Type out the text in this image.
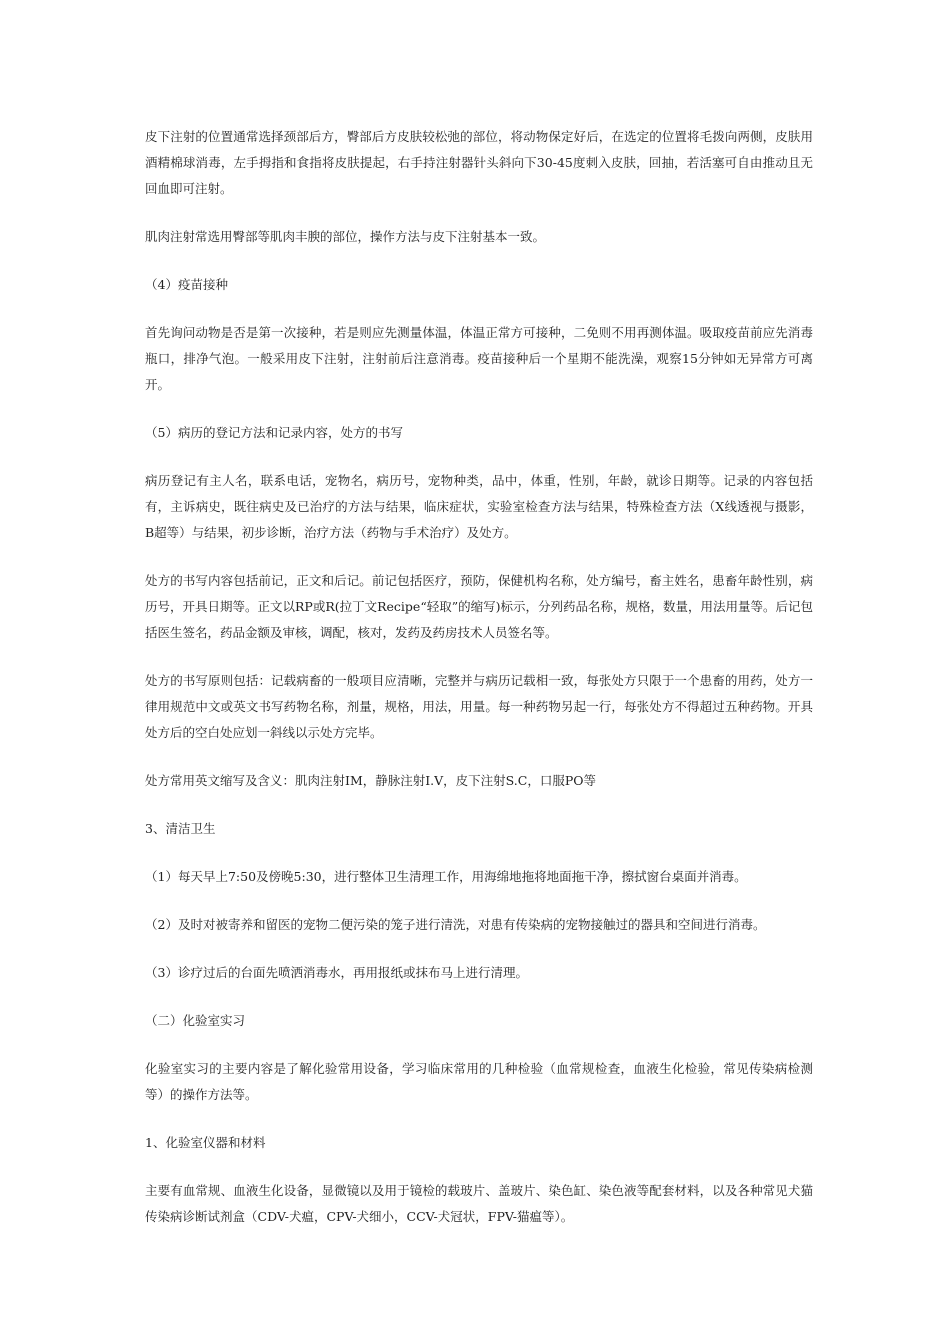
皮下注射的位置通常选择颈部后方，臀部后方皮肤较松弛的部位，将动物保定好后，在选定的位置将毛拨向两侧，皮肤用酒精棉球消毒，左手拇指和食指将皮肤提起，右手持注射器针头斜向下30-45度刺入皮肤，回抽，若活塞可自由推动且无回血即可注射。

肌肉注射常选用臀部等肌肉丰腴的部位，操作方法与皮下注射基本一致。

（4）疫苗接种

首先询问动物是否是第一次接种，若是则应先测量体温，体温正常方可接种，二免则不用再测体温。吸取疫苗前应先消毒瓶口，排净气泡。一般采用皮下注射，注射前后注意消毒。疫苗接种后一个星期不能洗澡，观察15分钟如无异常方可离开。

（5）病历的登记方法和记录内容，处方的书写

病历登记有主人名，联系电话，宠物名，病历号，宠物种类，品中，体重，性别，年龄，就诊日期等。记录的内容包括有，主诉病史，既往病史及已治疗的方法与结果，临床症状，实验室检查方法与结果，特殊检查方法（X线透视与摄影，B超等）与结果，初步诊断，治疗方法（药物与手术治疗）及处方。

处方的书写内容包括前记，正文和后记。前记包括医疗，预防，保健机构名称，处方编号，畜主姓名，患畜年龄性别，病历号，开具日期等。正文以RP或R(拉丁文Recipe“轻取”的缩写)标示，分列药品名称，规格，数量，用法用量等。后记包括医生签名，药品金额及审核，调配，核对，发药及药房技术人员签名等。

处方的书写原则包括：记载病畜的一般项目应清晰，完整并与病历记载相一致，每张处方只限于一个患畜的用药，处方一律用规范中文或英文书写药物名称，剂量，规格，用法，用量。每一种药物另起一行，每张处方不得超过五种药物。开具处方后的空白处应划一斜线以示处方完毕。

处方常用英文缩写及含义：肌肉注射IM，静脉注射I.V，皮下注射S.C，口服PO等

3、清洁卫生

（1）每天早上7:50及傍晚5:30，进行整体卫生清理工作，用海绵地拖将地面拖干净，擦拭窗台桌面并消毒。

（2）及时对被寄养和留医的宠物二便污染的笼子进行清洗，对患有传染病的宠物接触过的器具和空间进行消毒。

（3）诊疗过后的台面先喷洒消毒水，再用报纸或抹布马上进行清理。

（二）化验室实习

化验室实习的主要内容是了解化验常用设备，学习临床常用的几种检验（血常规检查，血液生化检验，常见传染病检测等）的操作方法等。

1、化验室仪器和材料

主要有血常规、血液生化设备，显微镜以及用于镜检的载玻片、盖玻片、染色缸、染色液等配套材料，以及各种常见犬猫传染病诊断试剂盒（CDV-犬瘟，CPV-犬细小，CCV-犬冠状，FPV-猫瘟等）。
